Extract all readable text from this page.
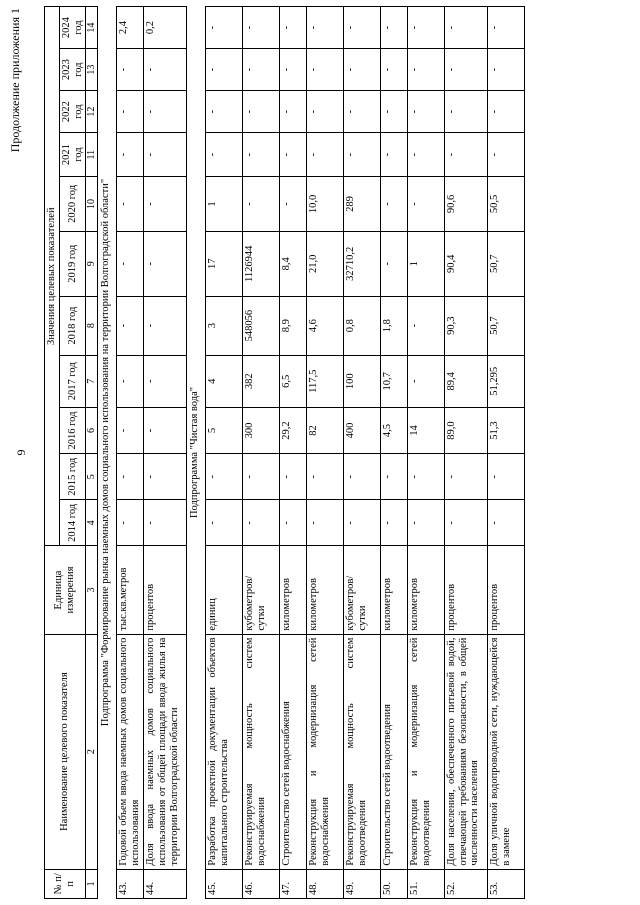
9
Продолжение приложения 1
№ п/п	Наименование целевого показателя	Единица измерения	Значения целевых показателей										
			2014 год	2015 год	2016 год	2017 год	2018 год	2019 год	2020 год	2021 год	2022 год	2023 год	2024 год
1	2	3	4	5	6	7	8	9	10	11	12	13	14
Подпрограмма "Формирование рынка наемных домов социального использования на территории Волгоградской области"													
43.	Годовой объем ввода наемных домов социального использования	тыс.кв.метров	-	-	-	-	-	-	-	-	-	-	2,4
44.	Доля ввода наемных домов социального использования от общей площади ввода жилья на территории Волгоградской области	процентов	-	-	-	-	-	-	-	-	-	-	0,2
Подпрограмма "Чистая вода"													
45.	Разработка проектной документации объектов капитального строительства	единиц	-	-	5	4	3	17	1	-	-	-	-
46.	Реконструируемая мощность систем водоснабжения	кубометров/ сутки	-	-	300	382	548056	1126944	-	-	-	-	-
47.	Строительство сетей водоснабжения	километров	-	-	29,2	6,5	8,9	8,4	-	-	-	-	-
48.	Реконструкция и модернизация сетей водоснабжения	километров	-	-	82	117,5	4,6	21,0	10,0	-	-	-	-
49.	Реконструируемая мощность систем водоотведения	кубометров/ сутки	-	-	400	100	0,8	32710,2	289	-	-	-	-
50.	Строительство сетей водоотведения	километров	-	-	4,5	10,7	1,8	-	-	-	-	-	-
51.	Реконструкция и модернизация сетей водоотведения	километров	-	-	14	-	-	1	-	-	-	-	-
52.	Доля населения, обеспеченного питьевой водой, отвечающей требованиям безопасности, в общей численности населения	процентов	-	-	89,0	89,4	90,3	90,4	90,6	-	-	-	-
53.	Доля уличной водопроводной сети, нуждающейся в замене	процентов	-	-	51,3	51,295	50,7	50,7	50,5	-	-	-	-
